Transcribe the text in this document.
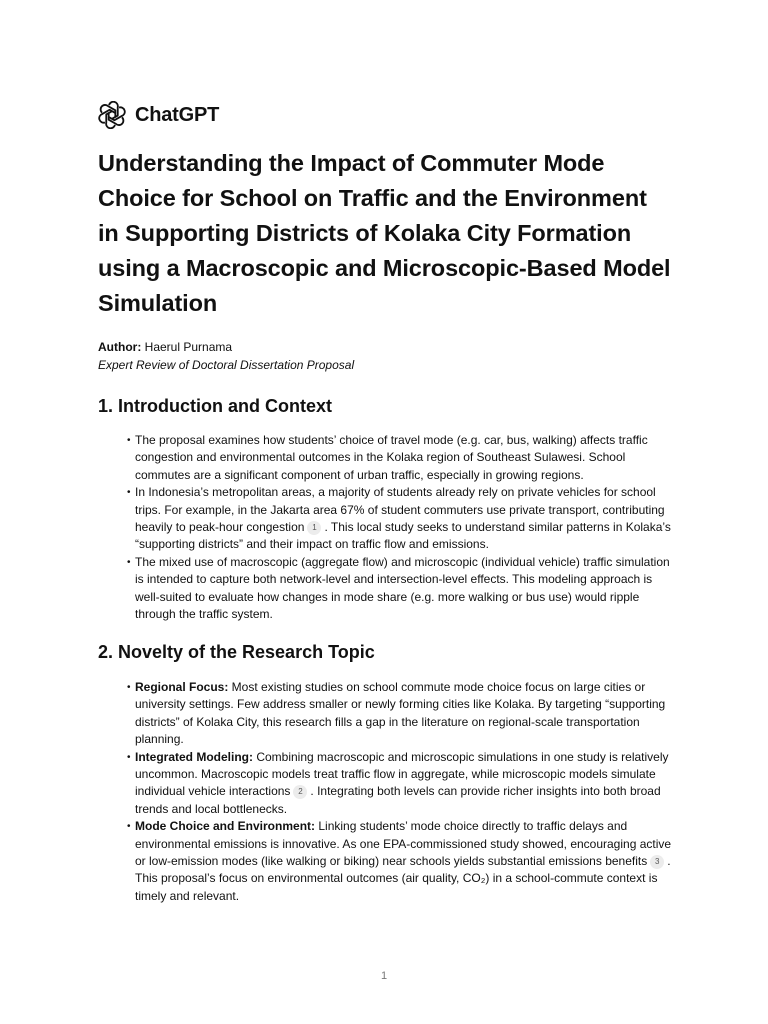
ChatGPT
Understanding the Impact of Commuter Mode Choice for School on Traffic and the Environment in Supporting Districts of Kolaka City Formation using a Macroscopic and Microscopic-Based Model Simulation
Author: Haerul Purnama
Expert Review of Doctoral Dissertation Proposal
1. Introduction and Context
• The proposal examines how students’ choice of travel mode (e.g. car, bus, walking) affects traffic congestion and environmental outcomes in the Kolaka region of Southeast Sulawesi. School commutes are a significant component of urban traffic, especially in growing regions.
• In Indonesia’s metropolitan areas, a majority of students already rely on private vehicles for school trips. For example, in the Jakarta area 67% of student commuters use private transport, contributing heavily to peak-hour congestion 1 . This local study seeks to understand similar patterns in Kolaka’s “supporting districts” and their impact on traffic flow and emissions.
• The mixed use of macroscopic (aggregate flow) and microscopic (individual vehicle) traffic simulation is intended to capture both network-level and intersection-level effects. This modeling approach is well-suited to evaluate how changes in mode share (e.g. more walking or bus use) would ripple through the traffic system.
2. Novelty of the Research Topic
• Regional Focus: Most existing studies on school commute mode choice focus on large cities or university settings. Few address smaller or newly forming cities like Kolaka. By targeting “supporting districts” of Kolaka City, this research fills a gap in the literature on regional-scale transportation planning.
• Integrated Modeling: Combining macroscopic and microscopic simulations in one study is relatively uncommon. Macroscopic models treat traffic flow in aggregate, while microscopic models simulate individual vehicle interactions 2 . Integrating both levels can provide richer insights into both broad trends and local bottlenecks.
• Mode Choice and Environment: Linking students’ mode choice directly to traffic delays and environmental emissions is innovative. As one EPA-commissioned study showed, encouraging active or low-emission modes (like walking or biking) near schools yields substantial emissions benefits 3 . This proposal’s focus on environmental outcomes (air quality, CO₂) in a school-commute context is timely and relevant.
1
